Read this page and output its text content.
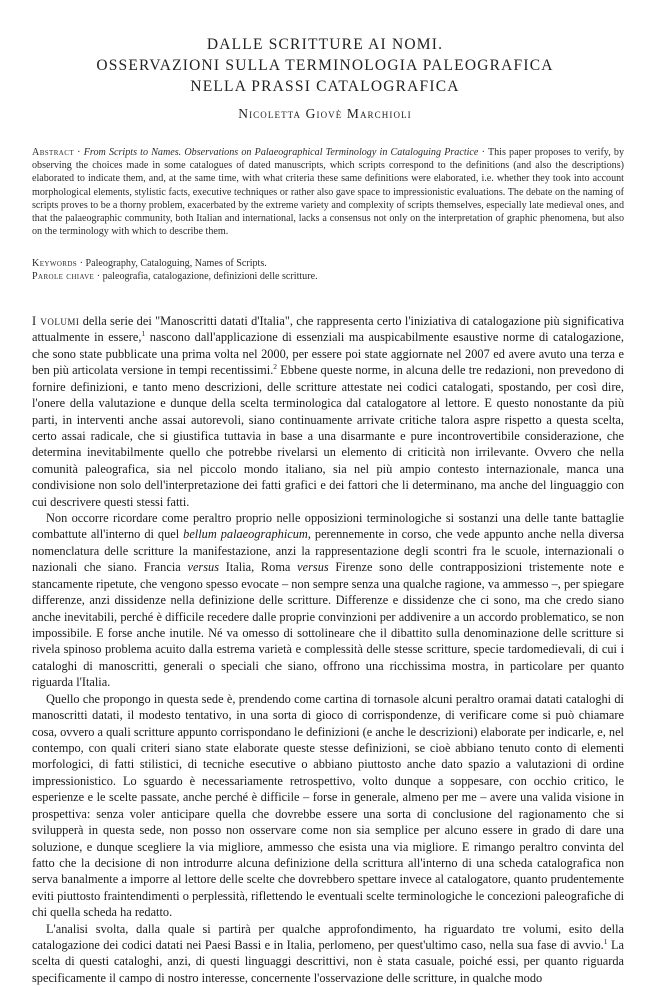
DALLE SCRITTURE AI NOMI.
OSSERVAZIONI SULLA TERMINOLOGIA PALEOGRAFICA
NELLA PRASSI CATALOGRAFICA
Nicoletta Giovè Marchioli
Abstract · From Scripts to Names. Observations on Palaeographical Terminology in Cataloguing Practice · This paper proposes to verify, by observing the choices made in some catalogues of dated manuscripts, which scripts correspond to the definitions (and also the descriptions) elaborated to indicate them, and, at the same time, with what criteria these same definitions were elaborated, i.e. whether they took into account morphological elements, stylistic facts, executive techniques or rather also gave space to impressionistic evaluations. The debate on the naming of scripts proves to be a thorny problem, exacerbated by the extreme variety and complexity of scripts themselves, especially late medieval ones, and that the palaeographic community, both Italian and international, lacks a consensus not only on the interpretation of graphic phenomena, but also on the terminology with which to describe them.
Keywords · Paleography, Cataloguing, Names of Scripts.
Parole chiave · paleografia, catalogazione, definizioni delle scritture.

I volumi della serie dei "Manoscritti datati d'Italia", che rappresenta certo l'iniziativa di catalogazione più significativa attualmente in essere,$^1$ nascono dall'applicazione di essenziali ma auspicabilmente esaustive norme di catalogazione, che sono state pubblicate una prima volta nel 2000, per essere poi state aggiornate nel 2007 ed avere avuto una terza e ben più articolata versione in tempi recentissimi.$^2$ Ebbene queste norme, in alcuna delle tre redazioni, non prevedono di fornire definizioni, e tanto meno descrizioni, delle scritture attestate nei codici catalogati, spostando, per così dire, l'onere della valutazione e dunque della scelta terminologica dal catalogatore al lettore. E questo nonostante da più parti, in interventi anche assai autorevoli, siano continuamente arrivate critiche talora aspre rispetto a questa scelta, certo assai radicale, che si giustifica tuttavia in base a una disarmante e pure incontrovertibile considerazione, che determina inevitabilmente quello che potrebbe rivelarsi un elemento di criticità non irrilevante. Ovvero che nella comunità paleografica, sia nel piccolo mondo italiano, sia nel più ampio contesto internazionale, manca una condivisione non solo dell'interpretazione dei fatti grafici e dei fattori che li determinano, ma anche del linguaggio con cui descrivere questi stessi fatti.

Non occorre ricordare come peraltro proprio nelle opposizioni terminologiche si sostanzi una delle tante battaglie combattute all'interno di quel bellum palaeographicum, perennemente in corso, che vede appunto anche nella diversa nomenclatura delle scritture la manifestazione, anzi la rappresentazione degli scontri fra le scuole, internazionali o nazionali che siano. Francia versus Italia, Roma versus Firenze sono delle contrapposizioni tristemente note e stancamente ripetute, che vengono spesso evocate – non sempre senza una qualche ragione, va ammesso –, per spiegare differenze, anzi dissidenze nella definizione delle scritture. Differenze e dissidenze che ci sono, ma che credo siano anche inevitabili, perché è difficile recedere dalle proprie convinzioni per addivenire a un accordo problematico, se non impossibile. E forse anche inutile. Né va omesso di sottolineare che il dibattito sulla denominazione delle scritture si rivela spinoso problema acuito dalla estrema varietà e complessità delle stesse scritture, specie tardomedievali, di cui i cataloghi di manoscritti, generali o speciali che siano, offrono una ricchissima mostra, in particolare per quanto riguarda l'Italia.

Quello che propongo in questa sede è, prendendo come cartina di tornasole alcuni peraltro oramai datati cataloghi di manoscritti datati, il modesto tentativo, in una sorta di gioco di corrispondenze, di verificare come si può chiamare cosa, ovvero a quali scritture appunto corrispondano le definizioni (e anche le descrizioni) elaborate per indicarle, e, nel contempo, con quali criteri siano state elaborate queste stesse definizioni, se cioè abbiano tenuto conto di elementi morfologici, di fatti stilistici, di tecniche esecutive o abbiano piuttosto anche dato spazio a valutazioni di ordine impressionistico. Lo sguardo è necessariamente retrospettivo, volto dunque a soppesare, con occhio critico, le esperienze e le scelte passate, anche perché è difficile – forse in generale, almeno per me – avere una valida visione in prospettiva: senza voler anticipare quella che dovrebbe essere una sorta di conclusione del ragionamento che si svilupperà in questa sede, non posso non osservare come non sia semplice per alcuno essere in grado di dare una soluzione, e dunque scegliere la via migliore, ammesso che esista una via migliore. E rimango peraltro convinta del fatto che la decisione di non introdurre alcuna definizione della scrittura all'interno di una scheda catalografica non serva banalmente a imporre al lettore delle scelte che dovrebbero spettare invece al catalogatore, quanto prudentemente eviti piuttosto fraintendimenti o perplessità, riflettendo le eventuali scelte terminologiche le concezioni paleografiche di chi quella scheda ha redatto.

L'analisi svolta, dalla quale si partirà per qualche approfondimento, ha riguardato tre volumi, esito della catalogazione dei codici datati nei Paesi Bassi e in Italia, perlomeno, per quest'ultimo caso, nella sua fase di avvio.$^1$ La scelta di questi cataloghi, anzi, di questi linguaggi descrittivi, non è stata casuale, poiché essi, per quanto riguarda specificamente il campo di nostro interesse, concernente l'osservazione delle scritture, in qualche modo
